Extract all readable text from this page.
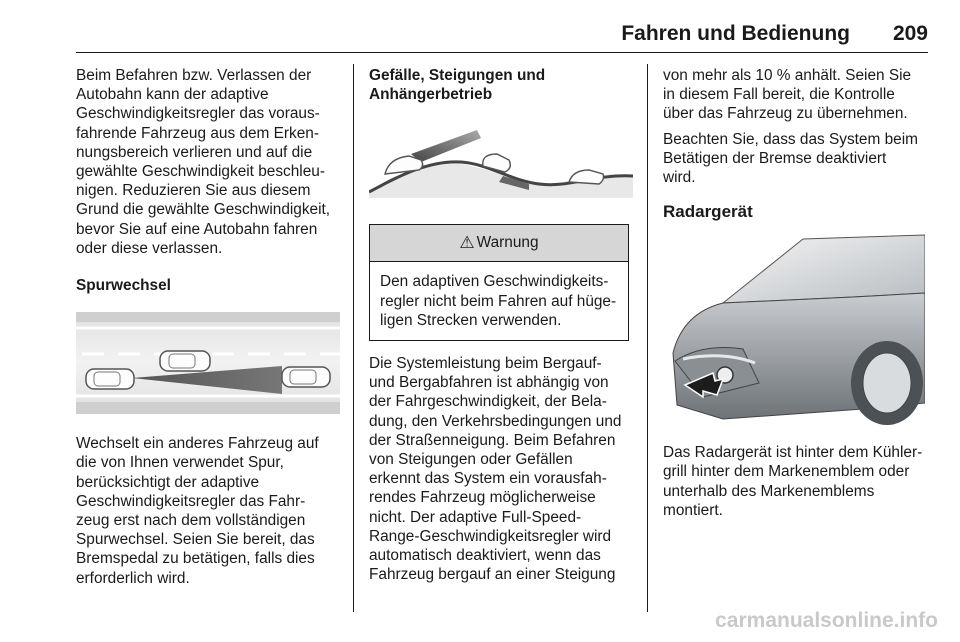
Fahren und Bedienung	209

Beim Befahren bzw. Verlassen der
Autobahn kann der adaptive
Geschwindigkeitsregler das voraus-
fahrende Fahrzeug aus dem Erken-
nungsbereich verlieren und auf die
gewählte Geschwindigkeit beschleu-
nigen. Reduzieren Sie aus diesem
Grund die gewählte Geschwindigkeit,
bevor Sie auf eine Autobahn fahren
oder diese verlassen.

Spurwechsel

Wechselt ein anderes Fahrzeug auf
die von Ihnen verwendet Spur,
berücksichtigt der adaptive
Geschwindigkeitsregler das Fahr-
zeug erst nach dem vollständigen
Spurwechsel. Seien Sie bereit, das
Bremspedal zu betätigen, falls dies
erforderlich wird.

Gefälle, Steigungen und
Anhängerbetrieb

⚠ Warnung
Den adaptiven Geschwindigkeits-
regler nicht beim Fahren auf hüge-
ligen Strecken verwenden.

Die Systemleistung beim Bergauf-
und Bergabfahren ist abhängig von
der Fahrgeschwindigkeit, der Bela-
dung, den Verkehrsbedingungen und
der Straßenneigung. Beim Befahren
von Steigungen oder Gefällen
erkennt das System ein vorausfah-
rendes Fahrzeug möglicherweise
nicht. Der adaptive Full-Speed-
Range-Geschwindigkeitsregler wird
automatisch deaktiviert, wenn das
Fahrzeug bergauf an einer Steigung

von mehr als 10 % anhält. Seien Sie
in diesem Fall bereit, die Kontrolle
über das Fahrzeug zu übernehmen.

Beachten Sie, dass das System beim
Betätigen der Bremse deaktiviert
wird.

Radargerät

Das Radargerät ist hinter dem Kühler-
grill hinter dem Markenemblem oder
unterhalb des Markenemblems
montiert.

carmanualsonline.info
